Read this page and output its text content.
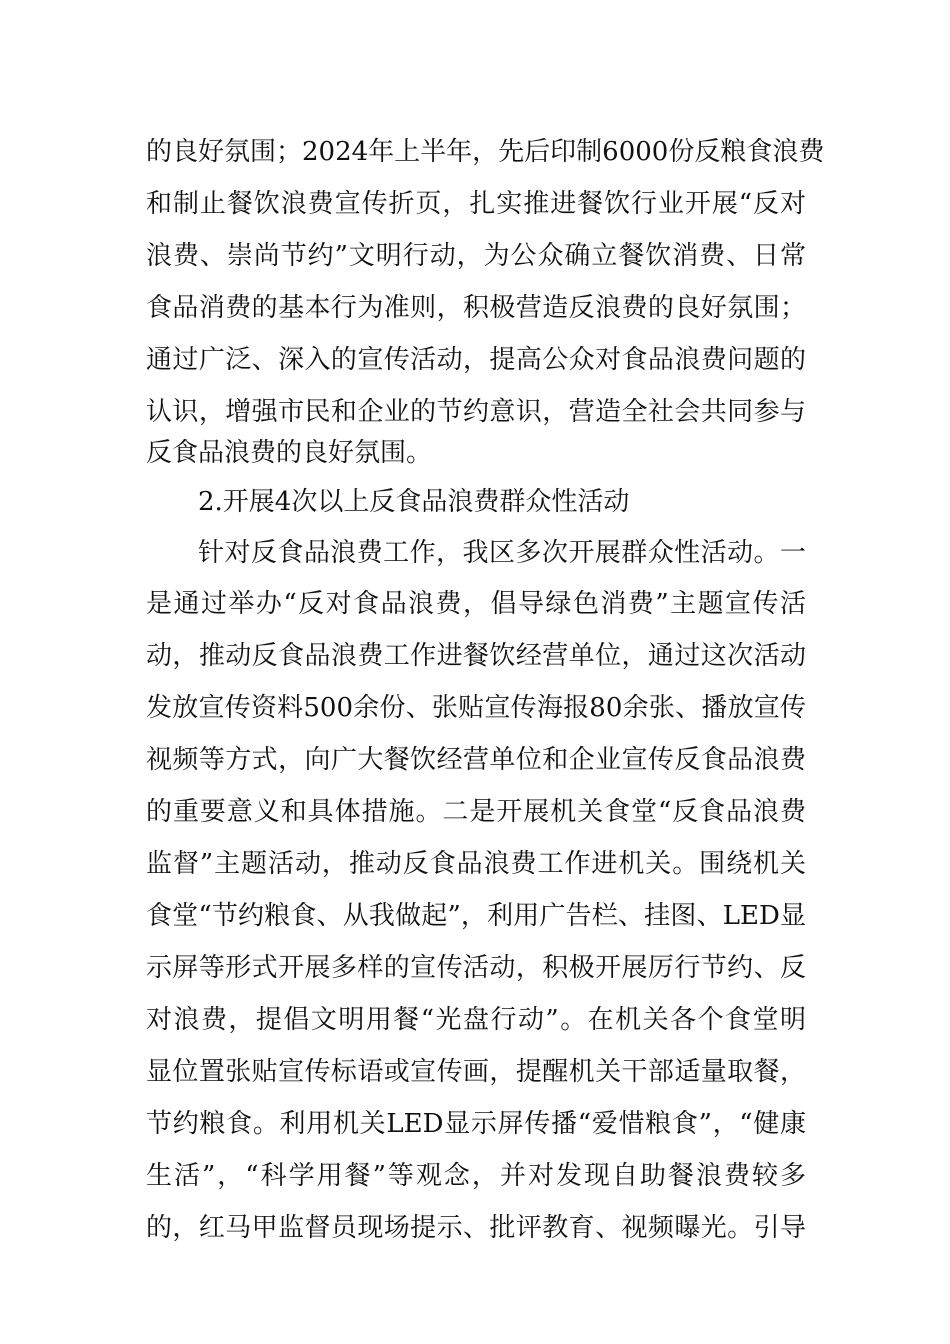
的良好氛围；2024年上半年，先后印制6000份反粮食浪费
和制止餐饮浪费宣传折页，扎实推进餐饮行业开展“反对
浪费、崇尚节约”文明行动，为公众确立餐饮消费、日常
食品消费的基本行为准则，积极营造反浪费的良好氛围；
通过广泛、深入的宣传活动，提高公众对食品浪费问题的
认识，增强市民和企业的节约意识，营造全社会共同参与
反食品浪费的良好氛围。
2.开展4次以上反食品浪费群众性活动
针对反食品浪费工作，我区多次开展群众性活动。一
是通过举办“反对食品浪费，倡导绿色消费”主题宣传活
动，推动反食品浪费工作进餐饮经营单位，通过这次活动
发放宣传资料500余份、张贴宣传海报80余张、播放宣传
视频等方式，向广大餐饮经营单位和企业宣传反食品浪费
的重要意义和具体措施。二是开展机关食堂“反食品浪费
监督”主题活动，推动反食品浪费工作进机关。围绕机关
食堂“节约粮食、从我做起”，利用广告栏、挂图、LED显
示屏等形式开展多样的宣传活动，积极开展厉行节约、反
对浪费，提倡文明用餐“光盘行动”。在机关各个食堂明
显位置张贴宣传标语或宣传画，提醒机关干部适量取餐，
节约粮食。利用机关LED显示屏传播“爱惜粮食”，“健康
生活”，“科学用餐”等观念，并对发现自助餐浪费较多
的，红马甲监督员现场提示、批评教育、视频曝光。引导
